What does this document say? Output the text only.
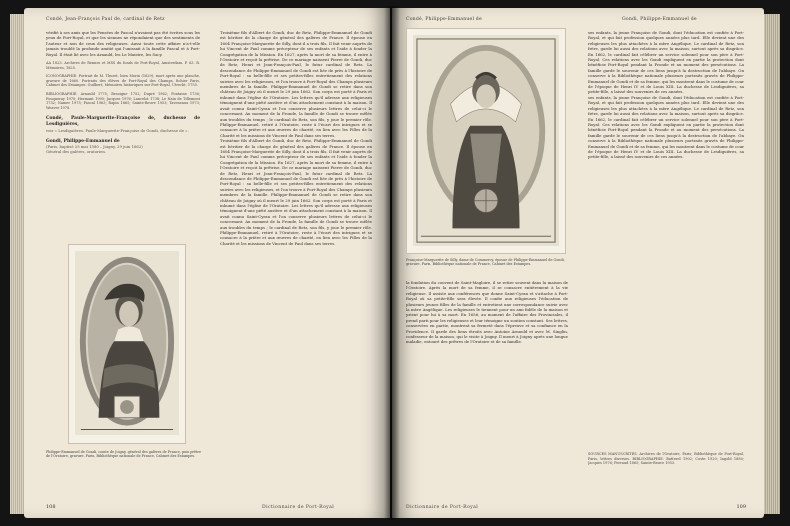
Condé, Jean-François Paul de, cardinal de Retz
vérifié à ses amis que les Pensées de Pascal n'avaient pas été écrites sous les yeux de Port-Royal, et que les siennes ne répondaient que des sentiments de l'auteur et non de ceux des religieuses. Aussi toute cette affaire n'a-t-elle jamais troublé la profonde amitié qui l'unissait à la famille Pascal et à Port-Royal. Il était lié avec les Arnauld, les Le Maistre, les Sacy.
AA 1823. Archives de Rennes et MSS du fonds de Port-Royal, Amsterdam. P. 63. R. Mémoires, 1825.
ICONOGRAPHIE. Portrait de M. Thuret, bien Morin (1629), mort après une planche, gravure de 1660. Portraits des élèves de Port-Royal des Champs, fichier Paris, Cabinet des Estampes. Guilbert, Mémoires historiques sur Port-Royal, Utrecht, 1755.
BIBLIOGRAPHIE. Arnauld 1775; Besoigne 1752; Dupré 1962; Fontaine 1736; Fouqueray 1970; Hermant 1905; Jacques 1976; Lancelot 1738; Le Nain de Tillemont 1732; Namer 1975; Pascal 1963; Rapin 1865; Sainte-Beuve 1953; Taveneaux 1973; Weaver 1978.
Condé, Paule-Marguerite-Françoise de, duchesse de Lesdiguières,
voir « Lesdiguières, Paule-Marguerite-Françoise de Gondi, duchesse de ».
Gondi, Philippe-Emmanuel de
(Paris, baptisé 25 mai 1580 – Joigny, 29 juin 1662)
Général des galères, oratorien.
Philippe-Emmanuel de Gondi, comte de Joigny, général des galères de France, puis prêtre de l'Oratoire, gravure. Paris, Bibliothèque nationale de France, Cabinet des Estampes.
Troisième fils d'Albert de Gondi, duc de Retz, Philippe-Emmanuel de Gondi est héritier de la charge de général des galères de France. Il épouse en 1604 Françoise-Marguerite de Silly, dont il a trois fils. Il fait venir auprès de lui Vincent de Paul comme précepteur de ses enfants et l'aide à fonder la Congrégation de la Mission. En 1627, après la mort de sa femme, il entre à l'Oratoire et reçoit la prêtrise. De ce mariage naissent Pierre de Gondi, duc de Retz, Henri et Jean-François-Paul, le futur cardinal de Retz. La descendance de Philippe-Emmanuel de Gondi est liée de près à l'histoire de Port-Royal : sa belle-fille et ses petites-filles entretiennent des relations suivies avec les religieuses, et l'on trouve à Port-Royal des Champs plusieurs membres de la famille. Philippe-Emmanuel de Gondi se retire dans son château de Joigny où il meurt le 29 juin 1662. Son corps est porté à Paris et inhumé dans l'église de l'Oratoire. Les lettres qu'il adresse aux religieuses témoignent d'une piété austère et d'un attachement constant à la maison. Il avait connu Saint-Cyran et l'on conserve plusieurs lettres de celui-ci le concernant. Au moment de la Fronde, la famille de Gondi se trouve mêlée aux troubles du temps ; le cardinal de Retz, son fils, y joue le premier rôle. Philippe-Emmanuel, retiré à l'Oratoire, reste à l'écart des intrigues et se consacre à la prière et aux œuvres de charité, en lien avec les Filles de la Charité et les missions de Vincent de Paul dans ses terres.
Troisième fils d'Albert de Gondi, duc de Retz, Philippe-Emmanuel de Gondi est héritier de la charge de général des galères de France. Il épouse en 1604 Françoise-Marguerite de Silly, dont il a trois fils. Il fait venir auprès de lui Vincent de Paul comme précepteur de ses enfants et l'aide à fonder la Congrégation de la Mission. En 1627, après la mort de sa femme, il entre à l'Oratoire et reçoit la prêtrise. De ce mariage naissent Pierre de Gondi, duc de Retz, Henri et Jean-François-Paul, le futur cardinal de Retz. La descendance de Philippe-Emmanuel de Gondi est liée de près à l'histoire de Port-Royal : sa belle-fille et ses petites-filles entretiennent des relations suivies avec les religieuses, et l'on trouve à Port-Royal des Champs plusieurs membres de la famille. Philippe-Emmanuel de Gondi se retire dans son château de Joigny où il meurt le 29 juin 1662. Son corps est porté à Paris et inhumé dans l'église de l'Oratoire. Les lettres qu'il adresse aux religieuses témoignent d'une piété austère et d'un attachement constant à la maison. Il avait connu Saint-Cyran et l'on conserve plusieurs lettres de celui-ci le concernant. Au moment de la Fronde, la famille de Gondi se trouve mêlée aux troubles du temps ; le cardinal de Retz, son fils, y joue le premier rôle. Philippe-Emmanuel, retiré à l'Oratoire, reste à l'écart des intrigues et se consacre à la prière et aux œuvres de charité, en lien avec les Filles de la Charité et les missions de Vincent de Paul dans ses terres.
108	Dictionnaire de Port-Royal
Condé, Philippe-Emmanuel de	Gondi, Philippe-Emmanuel de
Françoise-Marguerite de Silly, dame de Commercy, épouse de Philippe-Emmanuel de Gondi, gravure. Paris, Bibliothèque nationale de France, Cabinet des Estampes.
la fondation du couvent de Saint-Magloire, il se retire souvent dans la maison de l'Oratoire. Après la mort de sa femme, il se consacre entièrement à la vie religieuse. Il assiste aux conférences que donne Saint-Cyran et s'attache à Port-Royal où sa petite-fille sera élevée. Il confie aux religieuses l'éducation de plusieurs jeunes filles de la famille et entretient une correspondance suivie avec la mère Angélique. Les religieuses le tiennent pour un ami fidèle de la maison et prient pour lui à sa mort. En 1656, au moment de l'affaire des Provinciales, il prend parti pour les religieuses et leur témoigne un soutien constant. Ses lettres, conservées en partie, montrent sa fermeté dans l'épreuve et sa confiance en la Providence. Il garde des liens étroits avec Antoine Arnauld et avec M. Singlin, confesseur de la maison, qui le visite à Joigny. Il meurt à Joigny après une longue maladie, entouré des prêtres de l'Oratoire et de sa famille.
ses enfants, la jeune Françoise de Gondi, dont l'éducation est confiée à Port-Royal, et qui fait profession quelques années plus tard. Elle devient une des religieuses les plus attachées à la mère Angélique. Le cardinal de Retz, son frère, garde lui aussi des relations avec la maison, surtout après sa disgrâce. En 1662, le cardinal fait célébrer un service solennel pour son père à Port-Royal. Ces relations avec les Gondi expliquent en partie la protection dont bénéficie Port-Royal pendant la Fronde et au moment des persécutions. La famille garde le souvenir de ces liens jusqu'à la destruction de l'abbaye. On conserve à la Bibliothèque nationale plusieurs portraits gravés de Philippe-Emmanuel de Gondi et de sa femme, qui les montrent dans le costume de cour de l'époque de Henri IV et de Louis XIII. La duchesse de Lesdiguières, sa petite-fille, a laissé des souvenirs de ces années.
ses enfants, la jeune Françoise de Gondi, dont l'éducation est confiée à Port-Royal, et qui fait profession quelques années plus tard. Elle devient une des religieuses les plus attachées à la mère Angélique. Le cardinal de Retz, son frère, garde lui aussi des relations avec la maison, surtout après sa disgrâce. En 1662, le cardinal fait célébrer un service solennel pour son père à Port-Royal. Ces relations avec les Gondi expliquent en partie la protection dont bénéficie Port-Royal pendant la Fronde et au moment des persécutions. La famille garde le souvenir de ces liens jusqu'à la destruction de l'abbaye. On conserve à la Bibliothèque nationale plusieurs portraits gravés de Philippe-Emmanuel de Gondi et de sa femme, qui les montrent dans le costume de cour de l'époque de Henri IV et de Louis XIII. La duchesse de Lesdiguières, sa petite-fille, a laissé des souvenirs de ces années.
SOURCES MANUSCRITES. Archives de l'Oratoire, Paris; Bibliothèque de Port-Royal, Paris, lettres diverses. BIBLIOGRAPHIE. Batterel 1902; Coste 1920; Ingold 1880; Jacques 1976; Perraud 1865; Sainte-Beuve 1953.
Dictionnaire de Port-Royal	109
